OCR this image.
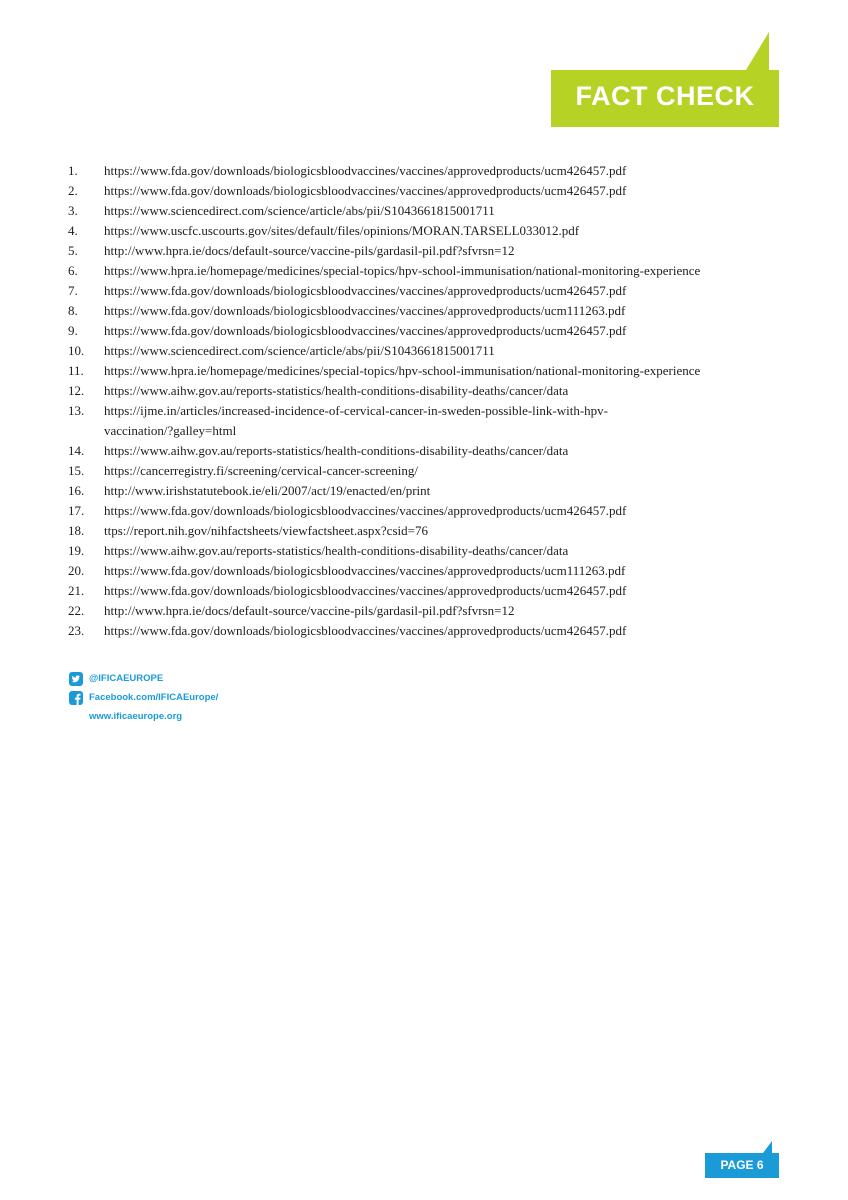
FACT CHECK
1.	https://www.fda.gov/downloads/biologicsbloodvaccines/vaccines/approvedproducts/ucm426457.pdf
2.	https://www.fda.gov/downloads/biologicsbloodvaccines/vaccines/approvedproducts/ucm426457.pdf
3.	https://www.sciencedirect.com/science/article/abs/pii/S1043661815001711
4.	https://www.uscfc.uscourts.gov/sites/default/files/opinions/MORAN.TARSELL033012.pdf
5.	http://www.hpra.ie/docs/default-source/vaccine-pils/gardasil-pil.pdf?sfvrsn=12
6.	https://www.hpra.ie/homepage/medicines/special-topics/hpv-school-immunisation/national-monitoring-experience
7.	https://www.fda.gov/downloads/biologicsbloodvaccines/vaccines/approvedproducts/ucm426457.pdf
8.	https://www.fda.gov/downloads/biologicsbloodvaccines/vaccines/approvedproducts/ucm111263.pdf
9.	https://www.fda.gov/downloads/biologicsbloodvaccines/vaccines/approvedproducts/ucm426457.pdf
10.	https://www.sciencedirect.com/science/article/abs/pii/S1043661815001711
11.	https://www.hpra.ie/homepage/medicines/special-topics/hpv-school-immunisation/national-monitoring-experience
12.	https://www.aihw.gov.au/reports-statistics/health-conditions-disability-deaths/cancer/data
13.	https://ijme.in/articles/increased-incidence-of-cervical-cancer-in-sweden-possible-link-with-hpv-vaccination/?galley=html
14.	https://www.aihw.gov.au/reports-statistics/health-conditions-disability-deaths/cancer/data
15.	https://cancerregistry.fi/screening/cervical-cancer-screening/
16.	http://www.irishstatutebook.ie/eli/2007/act/19/enacted/en/print
17.	https://www.fda.gov/downloads/biologicsbloodvaccines/vaccines/approvedproducts/ucm426457.pdf
18.	ttps://report.nih.gov/nihfactsheets/viewfactsheet.aspx?csid=76
19.	https://www.aihw.gov.au/reports-statistics/health-conditions-disability-deaths/cancer/data
20.	https://www.fda.gov/downloads/biologicsbloodvaccines/vaccines/approvedproducts/ucm111263.pdf
21.	https://www.fda.gov/downloads/biologicsbloodvaccines/vaccines/approvedproducts/ucm426457.pdf
22.	http://www.hpra.ie/docs/default-source/vaccine-pils/gardasil-pil.pdf?sfvrsn=12
23.	https://www.fda.gov/downloads/biologicsbloodvaccines/vaccines/approvedproducts/ucm426457.pdf
@IFICAEUROPE
Facebook.com/IFICAEurope/
www.ificaeurope.org
PAGE 6
